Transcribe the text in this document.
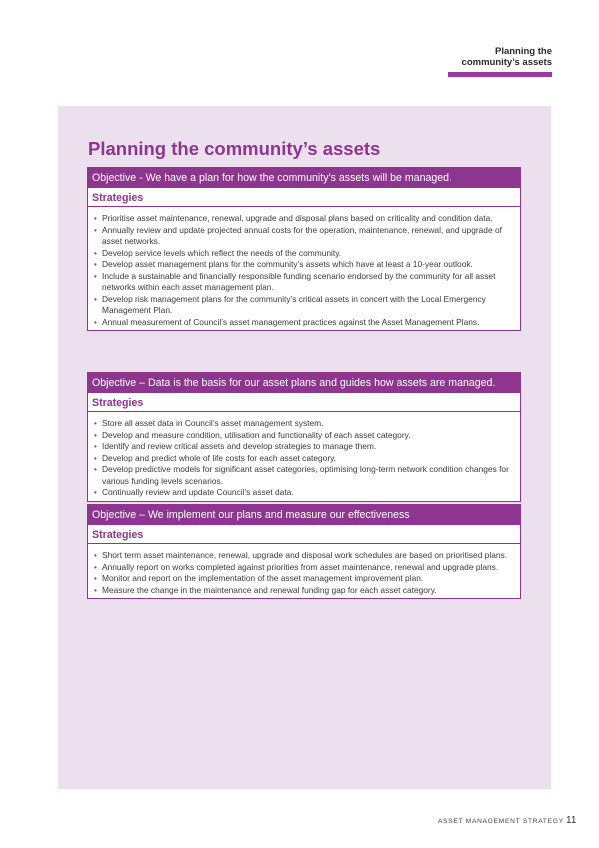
Planning the
community’s assets
Planning the community’s assets
Objective - We have a plan for how the community’s assets will be managed.
Strategies
• Prioritise asset maintenance, renewal, upgrade and disposal plans based on criticality and condition data.
• Annually review and update projected annual costs for the operation, maintenance, renewal, and upgrade of asset networks.
• Develop service levels which reflect the needs of the community.
• Develop asset management plans for the community’s assets which have at least a 10-year outlook.
• Include a sustainable and financially responsible funding scenario endorsed by the community for all asset networks within each asset management plan.
• Develop risk management plans for the community’s critical assets in concert with the Local Emergency Management Plan.
• Annual measurement of Council’s asset management practices against the Asset Management Plans.
Objective – Data is the basis for our asset plans and guides how assets are managed.
Strategies
• Store all asset data in Council’s asset management system.
• Develop and measure condition, utilisation and functionality of each asset category.
• Identify and review critical assets and develop strategies to manage them.
• Develop and predict whole of life costs for each asset category.
• Develop predictive models for significant asset categories, optimising long-term network condition changes for various funding levels scenarios.
• Continually review and update Council’s asset data.
Objective – We implement our plans and measure our effectiveness
Strategies
• Short term asset maintenance, renewal, upgrade and disposal work schedules are based on prioritised plans.
• Annually report on works completed against priorities from asset maintenance, renewal and upgrade plans.
• Monitor and report on the implementation of the asset management improvement plan.
• Measure the change in the maintenance and renewal funding gap for each asset category.
ASSET MANAGEMENT STRATEGY 11
